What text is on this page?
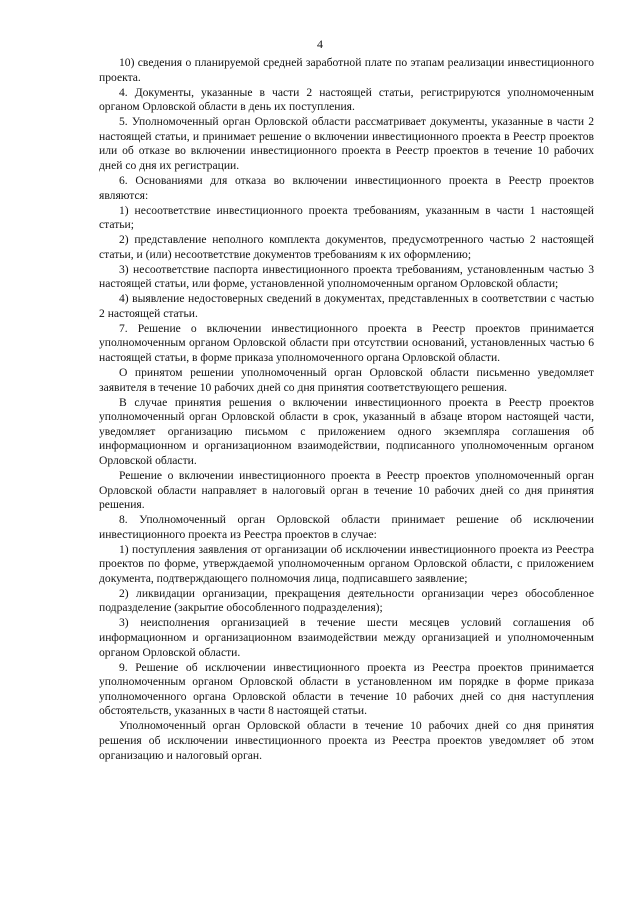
4

10) сведения о планируемой средней заработной плате по этапам реализации инвестиционного проекта.

4. Документы, указанные в части 2 настоящей статьи, регистрируются уполномоченным органом Орловской области в день их поступления.

5. Уполномоченный орган Орловской области рассматривает документы, указанные в части 2 настоящей статьи, и принимает решение о включении инвестиционного проекта в Реестр проектов или об отказе во включении инвестиционного проекта в Реестр проектов в течение 10 рабочих дней со дня их регистрации.

6. Основаниями для отказа во включении инвестиционного проекта в Реестр проектов являются:

1) несоответствие инвестиционного проекта требованиям, указанным в части 1 настоящей статьи;

2) представление неполного комплекта документов, предусмотренного частью 2 настоящей статьи, и (или) несоответствие документов требованиям к их оформлению;

3) несоответствие паспорта инвестиционного проекта требованиям, установленным частью 3 настоящей статьи, или форме, установленной уполномоченным органом Орловской области;

4) выявление недостоверных сведений в документах, представленных в соответствии с частью 2 настоящей статьи.

7. Решение о включении инвестиционного проекта в Реестр проектов принимается уполномоченным органом Орловской области при отсутствии оснований, установленных частью 6 настоящей статьи, в форме приказа уполномоченного органа Орловской области.

О принятом решении уполномоченный орган Орловской области письменно уведомляет заявителя в течение 10 рабочих дней со дня принятия соответствующего решения.

В случае принятия решения о включении инвестиционного проекта в Реестр проектов уполномоченный орган Орловской области в срок, указанный в абзаце втором настоящей части, уведомляет организацию письмом с приложением одного экземпляра соглашения об информационном и организационном взаимодействии, подписанного уполномоченным органом Орловской области.

Решение о включении инвестиционного проекта в Реестр проектов уполномоченный орган Орловской области направляет в налоговый орган в течение 10 рабочих дней со дня принятия решения.

8. Уполномоченный орган Орловской области принимает решение об исключении инвестиционного проекта из Реестра проектов в случае:

1) поступления заявления от организации об исключении инвестиционного проекта из Реестра проектов по форме, утверждаемой уполномоченным органом Орловской области, с приложением документа, подтверждающего полномочия лица, подписавшего заявление;

2) ликвидации организации, прекращения деятельности организации через обособленное подразделение (закрытие обособленного подразделения);

3) неисполнения организацией в течение шести месяцев условий соглашения об информационном и организационном взаимодействии между организацией и уполномоченным органом Орловской области.

9. Решение об исключении инвестиционного проекта из Реестра проектов принимается уполномоченным органом Орловской области в установленном им порядке в форме приказа уполномоченного органа Орловской области в течение 10 рабочих дней со дня наступления обстоятельств, указанных в части 8 настоящей статьи.

Уполномоченный орган Орловской области в течение 10 рабочих дней со дня принятия решения об исключении инвестиционного проекта из Реестра проектов уведомляет об этом организацию и налоговый орган.
